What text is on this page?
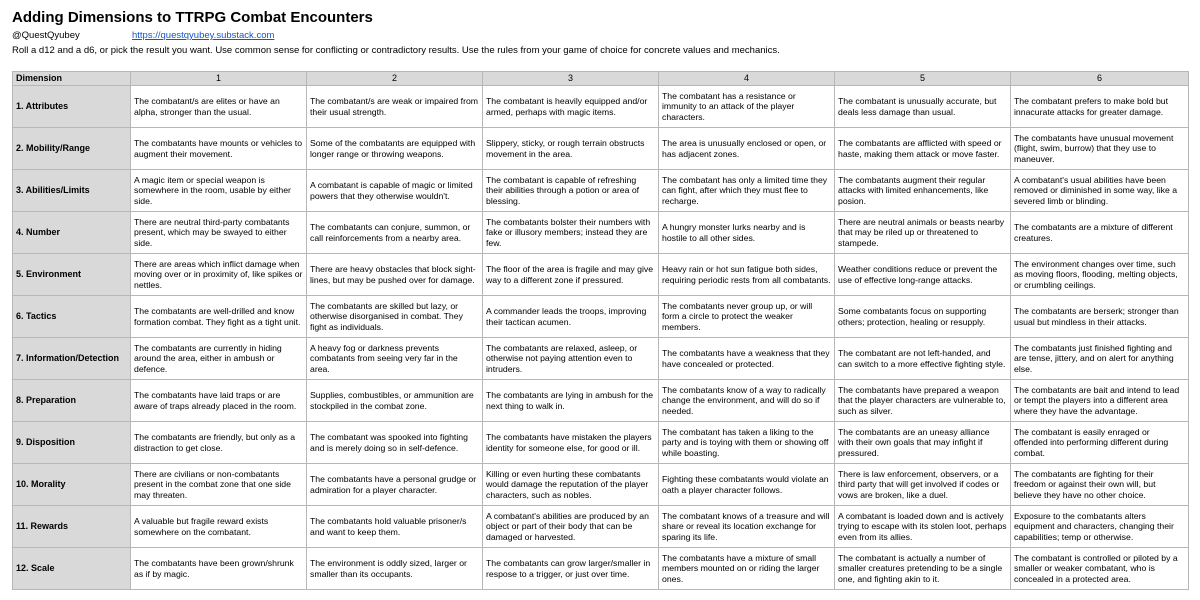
Adding Dimensions to TTRPG Combat Encounters
@QuestQyubey	https://questqyubey.substack.com
Roll a d12 and a d6, or pick the result you want. Use common sense for conflicting or contradictory results. Use the rules from your game of choice for concrete values and mechanics.
Dimension	1	2	3	4	5	6
1. Attributes	The combatant/s are elites or have an alpha, stronger than the usual.	The combatant/s are weak or impaired from their usual strength.	The combatant is heavily equipped and/or armed, perhaps with magic items.	The combatant has a resistance or immunity to an attack of the player characters.	The combatant is unusually accurate, but deals less damage than usual.	The combatant prefers to make bold but innacurate attacks for greater damage.
2. Mobility/Range	The combatants have mounts or vehicles to augment their movement.	Some of the combatants are equipped with longer range or throwing weapons.	Slippery, sticky, or rough terrain obstructs movement in the area.	The area is unusually enclosed or open, or has adjacent zones.	The combatants are afflicted with speed or haste, making them attack or move faster.	The combatants have unusual movement (flight, swim, burrow) that they use to maneuver.
3. Abilities/Limits	A magic item or special weapon is somewhere in the room, usable by either side.	A combatant is capable of magic or limited powers that they otherwise wouldn't.	The combatant is capable of refreshing their abilities through a potion or area of blessing.	The combatant has only a limited time they can fight, after which they must flee to recharge.	The combatants augment their regular attacks with limited enhancements, like posion.	A combatant's usual abilities have been removed or diminished in some way, like a severed limb or blinding.
4. Number	There are neutral third-party combatants present, which may be swayed to either side.	The combatants can conjure, summon, or call reinforcements from a nearby area.	The combatants bolster their numbers with fake or illusory members; instead they are few.	A hungry monster lurks nearby and is hostile to all other sides.	There are neutral animals or beasts nearby that may be riled up or threatened to stampede.	The combatants are a mixture of different creatures.
5. Environment	There are areas which inflict damage when moving over or in proximity of, like spikes or nettles.	There are heavy obstacles that block sight-lines, but may be pushed over for damage.	The floor of the area is fragile and may give way to a different zone if pressured.	Heavy rain or hot sun fatigue both sides, requiring periodic rests from all combatants.	Weather conditions reduce or prevent the use of effective long-range attacks.	The environment changes over time, such as moving floors, flooding, melting objects, or crumbling ceilings.
6. Tactics	The combatants are well-drilled and know formation combat. They fight as a tight unit.	The combatants are skilled but lazy, or otherwise disorganised in combat. They fight as individuals.	A commander leads the troops, improving their tactican acumen.	The combatants never group up, or will form a circle to protect the weaker members.	Some combatants focus on supporting others; protection, healing or resupply.	The combatants are berserk; stronger than usual but mindless in their attacks.
7. Information/Detection	The combatants are currently in hiding around the area, either in ambush or defence.	A heavy fog or darkness prevents combatants from seeing very far in the area.	The combatants are relaxed, asleep, or otherwise not paying attention even to intruders.	The combatants have a weakness that they have concealed or protected.	The combatant are not left-handed, and can switch to a more effective fighting style.	The combatants just finished fighting and are tense, jittery, and on alert for anything else.
8. Preparation	The combatants have laid traps or are aware of traps already placed in the room.	Supplies, combustibles, or ammunition are stockpiled in the combat zone.	The combatants are lying in ambush for the next thing to walk in.	The combatants know of a way to radically change the environment, and will do so if needed.	The combatants have prepared a weapon that the player characters are vulnerable to, such as silver.	The combatants are bait and intend to lead or tempt the players into a different area where they have the advantage.
9. Disposition	The combatants are friendly, but only as a distraction to get close.	The combatant was spooked into fighting and is merely doing so in self-defence.	The combatants have mistaken the players identity for someone else, for good or ill.	The combatant has taken a liking to the party and is toying with them or showing off while boasting.	The combatants are an uneasy alliance with their own goals that may infight if pressured.	The combatant is easily enraged or offended into performing different during combat.
10. Morality	There are civilians or non-combatants present in the combat zone that one side may threaten.	The combatants have a personal grudge or admiration for a player character.	Killing or even hurting these combatants would damage the reputation of the player characters, such as nobles.	Fighting these combatants would violate an oath a player character follows.	There is law enforcement, observers, or a third party that will get involved if codes or vows are broken, like a duel.	The combatants are fighting for their freedom or against their own will, but believe they have no other choice.
11. Rewards	A valuable but fragile reward exists somewhere on the combatant.	The combatants hold valuable prisoner/s and want to keep them.	A combatant's abilities are produced by an object or part of their body that can be damaged or harvested.	The combatant knows of a treasure and will share or reveal its location exchange for sparing its life.	A combatant is loaded down and is actively trying to escape with its stolen loot, perhaps even from its allies.	Exposure to the combatants alters equipment and characters, changing their capabilities; temp or otherwise.
12. Scale	The combatants have been grown/shrunk as if by magic.	The environment is oddly sized, larger or smaller than its occupants.	The combatants can grow larger/smaller in respose to a trigger, or just over time.	The combatants have a mixture of small members mounted on or riding the larger ones.	The combatant is actually a number of smaller creatures pretending to be a single one, and fighting akin to it.	The combatant is controlled or piloted by a smaller or weaker combatant, who is concealed in a protected area.
